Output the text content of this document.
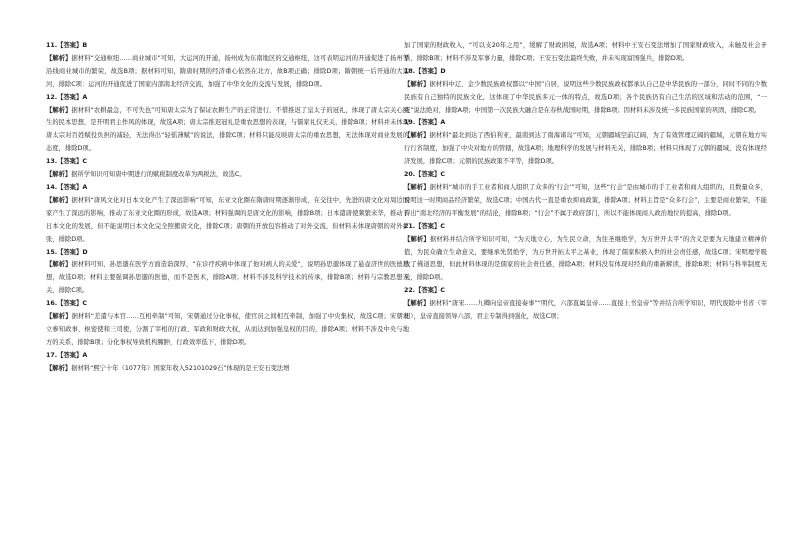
11.【答案】B
【解析】据材料“交通枢纽……商业城市”可知，大运河的开通，扬州成为东南地区的交通枢纽，这可表明运河的开通促进了扬州等沿线商业城市的繁荣，故选B项；据材料可知，隋唐时期的经济重心依然在北方，故B项正确；排除D项；隋朝统一后开通的大运河，排除C项：运河的开通促进了国家内部南北经济交流，加强了中华文化的交流与发展，排除D项。
12.【答案】A
【解析】据材料“农耕最急，不可失也”可知唐太宗为了保证农耕生产的正常进行，不惜推迟了皇太子的冠礼，体现了唐太宗关心民生的民本思想，是开明君主作风的体现，故选A项；唐太宗推迟冠礼是重农思想的表现，与儒家礼仪无关，排除B项；材料并未体现唐太宗对百姓赋役负担的减轻，无法得出“轻徭薄赋”的说法，排除C项；材料只能反映唐太宗的重农思想，无法体现对商业发展的态度，排除D项。
13.【答案】C
【解析】据所学知识可知唐中期进行的赋税制度改革为两税法，故选C。
14.【答案】A
【解析】据材料“唐风文化对日本文化产生了深远影响”可知，东亚文化圈在隋唐时期逐渐形成，在交往中，先进的唐文化对周边国家产生了深远的影响，推动了东亚文化圈的形成，故选A项；材料强调的是唐文化的影响，排除B项；日本遣唐使频繁来华，推动了日本文化的发展，但不能说明日本文化完全照搬唐文化，排除C项；唐朝的开放包容推动了对外交流，但材料未体现唐朝的对外扩张，排除D项。
15.【答案】D
【解析】据材料可知，孙思邈在医学方面造诣深厚，“在诊疗疾病中体现了他对病人的关爱”，说明孙思邈体现了悬壶济世的医德思想，故选D项；材料主要强调孙思邈的医德，而不是医术，排除A项；材料不涉及科学技术的传承，排除B项；材料与宗教思想无关，排除C项。
16.【答案】C
【解析】据材料“差遣与本官……互相牵制”可知，宋朝通过分化事权，使官员之间相互牵制，加强了中央集权，故选C项；宋朝设立参知政事、枢密使和三司使，分割了宰相的行政、军政和财政大权，从而达到加强皇权的目的，排除A项；材料不涉及中央与地方的关系，排除B项；分化事权导致机构臃肿，行政效率低下，排除D项。
17.【答案】A
【解析】据材料“熙宁十年（1077年）国家年收入52101029石”体现的是王安石变法增
加了国家的财政收入，“可以支20年之用”，缓解了财政困境，故选A项；材料中王安石变法增加了国家财政收入，未触及社会矛盾，排除B项；材料不涉及军事力量，排除C项；王安石变法最终失败，并未实现富国强兵，排除D项。
18.【答案】D
【解析】据材料中辽、金少数民族政权都以“中国”自居，说明这些少数民族政权都承认自己是中华民族的一部分，同时不同的少数民族有自己独特的民族文化，这体现了中华民族多元一体的特点，故选D项；各个民族仍有自己生活的区域和活动的范围，“一统”说法绝对，排除A项；中国第一次民族大融合是在春秋战国时期，排除B项；因材料未涉及统一多民族国家的巩固，排除C项。
19.【答案】A
【解析】据材料“最北到达了西伯利亚，最南到达了南海诸岛”可知，元朝疆域空前辽阔，为了有效管理辽阔的疆域，元朝在地方实行行省制度，加强了中央对地方的管辖，故选A项；地理科学的发展与材料无关，排除B项；材料只体现了元朝的疆域，没有体现经济发展，排除C项；元朝的民族政策不平等，排除D项。
20.【答案】C
【解析】据材料“城市的手工业者和商人组织了众多的‘行会’”可知，这些“行会”是由城市的手工业者和商人组织的，且数量众多，说明这一时期商品经济繁荣，故选C项；中国古代一直是重农抑商政策，排除A项；材料主旨是“众多行会”，主要是商业繁荣，不能得出“南北经济的平衡发展”的结论，排除B项；“行会”不属于政府部门，所以不能体现商人政治地位的提高，排除D项。
21.【答案】C
【解析】据材料并结合所学知识可知，“为天地立心，为生民立命，为往圣继绝学，为万世开太平”的含义是要为天地建立精神价值，为民众确立生命意义，要继承先贤绝学，为万世开拓太平之基业，体现了儒家积极入世的社会责任感，故选C项；宋明理学吸收了佛道思想，但此材料体现的是儒家的社会责任感，排除A项；材料没有体现对经典的重新解读，排除B项；材料与科举制度无关，排除D项。
22.【答案】C
【解析】据材料“唐宋……九卿向皇帝直接奏事”“明代，六部直属皇帝……直接上书皇帝”等并结合所学知识，明代废除中书省（宰相），皇帝直接领导六部，君主专制得到强化，故选C项；
